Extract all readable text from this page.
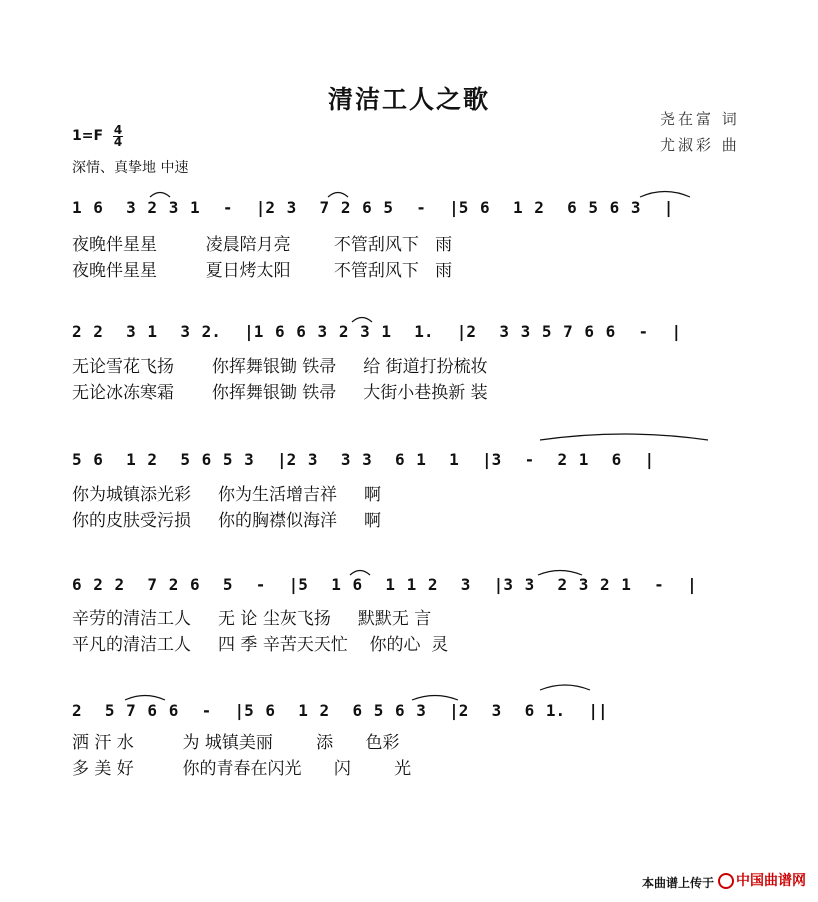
清洁工人之歌
尧在富 词
尤淑彩 曲
1=F 4
4
深情、真挚地 中速
1 6  3 2 3 1  -  |2 3  7 2 6 5  -  |5 6  1 2  6 5 6 3  |
夜晚伴星星         凌晨陪月亮        不管刮风下   雨
夜晚伴星星         夏日烤太阳        不管刮风下   雨
2 2  3 1  3 2.  |1 6 6 3 2 3 1  1.  |2  3 3 5 7 6 6  -  |
无论雪花飞扬       你挥舞银锄 铁帚     给 街道打扮梳妆
无论冰冻寒霜       你挥舞银锄 铁帚     大街小巷换新 装
5 6  1 2  5 6 5 3  |2 3  3 3  6 1  1  |3  -  2 1  6  |
你为城镇添光彩     你为生活增吉祥     啊
你的皮肤受污损     你的胸襟似海洋     啊
6 2 2  7 2 6  5  -  |5  1 6  1 1 2  3  |3 3  2 3 2 1  -  |
辛劳的清洁工人     无 论 尘灰飞扬     默默无 言
平凡的清洁工人     四 季 辛苦天天忙    你的心  灵
2  5 7 6 6  -  |5 6  1 2  6 5 6 3  |2  3  6 1.  ||
洒 汗 水         为 城镇美丽        添      色彩
多 美 好         你的青春在闪光      闪        光
本曲谱上传于	中国曲谱网
